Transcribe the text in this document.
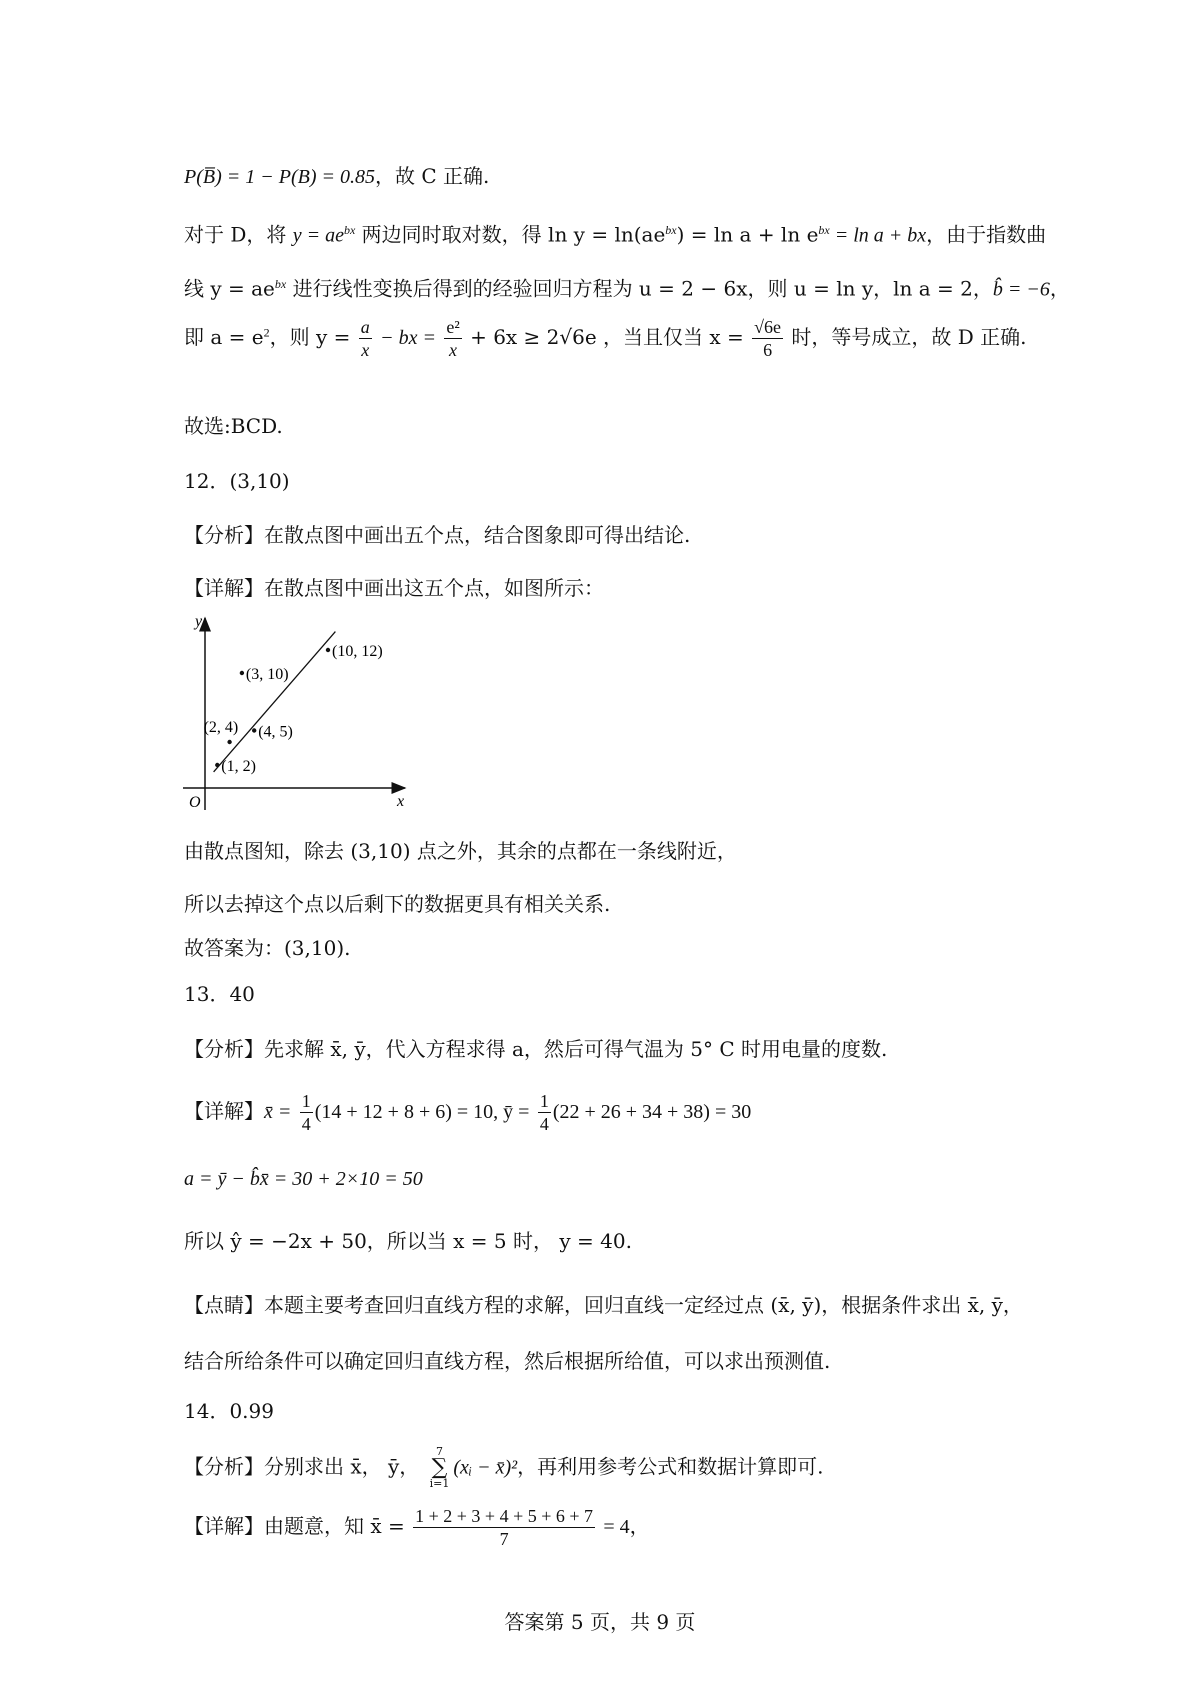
P(B̅) = 1 − P(B) = 0.85，故 C 正确.
对于 D，将 $y = ae^{bx}$ 两边同时取对数，得 $\ln y = \ln(ae^{bx}) = \ln a + \ln e^{bx} = \ln a$ + bx，由于指数曲
线 $y = ae^{bx}$ 进行线性变换后得到的经验回归方程为 u = 2 − 6x，则 u = ln y，ln a = 2，b̂ = −6，
即 $a = e^2$，则 $y = \frac{a}{x}$ − bx = $\frac{\text{e²}}{x} + 6x \ge 2√6e$ ，当且仅当 $x = \frac{√6e}{6}$ 时，等号成立，故 D 正确.
故选:BCD.
12．(3,10)
【分析】在散点图中画出五个点，结合图象即可得出结论.
【详解】在散点图中画出这五个点，如图所示：
y
x
O
(1, 2)
(2, 4) (4, 5)
(3, 10)
(10, 12)
由散点图知，除去 (3,10) 点之外，其余的点都在一条线附近，
所以去掉这个点以后剩下的数据更具有相关关系.
故答案为：(3,10).
13．40
【分析】先求解 x̄, ȳ，代入方程求得 a，然后可得气温为 5° C 时用电量的度数.
【详解】x̄ = $\frac{1}{4} (14 + 12 + 8 + 6) = 10$, ȳ = $\frac{1}{4} (22 + 26 + 34 + 38) = 30$
a = ȳ − b̂x̄ = 30 + 2×10 = 50
所以 ŷ = −2x + 50，所以当 x = 5 时， y = 40.
【点睛】本题主要考查回归直线方程的求解，回归直线一定经过点 (x̄, ȳ)，根据条件求出 x̄, ȳ，
结合所给条件可以确定回归直线方程，然后根据所给值，可以求出预测值.
14．0.99
【分析】分别求出 x̄， ȳ，
7
∑
i=1
(xᵢ − x̄)²，再利用参考公式和数据计算即可.
【详解】由题意，知 x̄ = $\frac{1 + 2 + 3 + 4 + 5 + 6 + 7}{7} = 4$，
答案第 5 页，共 9 页
